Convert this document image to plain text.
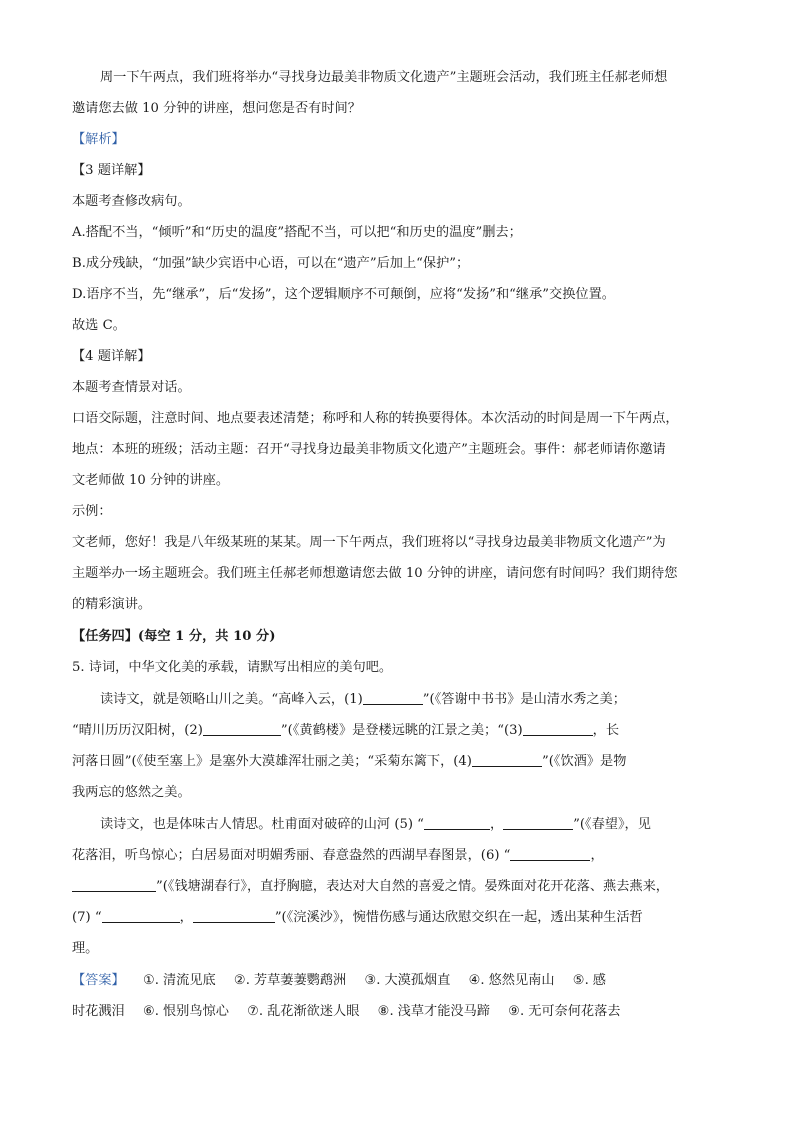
周一下午两点，我们班将举办“寻找身边最美非物质文化遗产”主题班会活动，我们班主任郝老师想
邀请您去做 10 分钟的讲座，想问您是否有时间？
【解析】
【3 题详解】
本题考查修改病句。
A.搭配不当，“倾听”和“历史的温度”搭配不当，可以把“和历史的温度”删去；
B.成分残缺，“加强”缺少宾语中心语，可以在“遗产”后加上“保护”；
D.语序不当，先“继承”，后“发扬”，这个逻辑顺序不可颠倒，应将“发扬”和“继承”交换位置。
故选 C。
【4 题详解】
本题考查情景对话。
口语交际题，注意时间、地点要表述清楚；称呼和人称的转换要得体。本次活动的时间是周一下午两点，
地点：本班的班级；活动主题：召开“寻找身边最美非物质文化遗产”主题班会。事件：郝老师请你邀请
文老师做 10 分钟的讲座。
示例：
文老师，您好！我是八年级某班的某某。周一下午两点，我们班将以“寻找身边最美非物质文化遗产”为
主题举办一场主题班会。我们班主任郝老师想邀请您去做 10 分钟的讲座，请问您有时间吗？我们期待您
的精彩演讲。
【任务四】(每空 1 分，共 10 分)
5. 诗词，中华文化美的承载，请默写出相应的美句吧。
读诗文，就是领略山川之美。“高峰入云，(1)	”(《答谢中书书》是山清水秀之美；
“晴川历历汉阳树，(2)	”(《黄鹤楼》是登楼远眺的江景之美；“(3)	，长
河落日圆”(《使至塞上》是塞外大漠雄浑壮丽之美；“采菊东篱下，(4)	”(《饮酒》是物
我两忘的悠然之美。
读诗文，也是体味古人情思。杜甫面对破碎的山河 (5) “	，	”(《春望》，见
花落泪，听鸟惊心；白居易面对明媚秀丽、春意盎然的西湖早春图景，(6) “	，
”(《钱塘湖春行》，直抒胸臆，表达对大自然的喜爱之情。晏殊面对花开花落、燕去燕来，
(7) “	，	”(《浣溪沙》，惋惜伤感与通达欣慰交织在一起，透出某种生活哲
理。
【答案】 ①. 清流见底 ②. 芳草萋萋鹦鹉洲 ③. 大漠孤烟直 ④. 悠然见南山 ⑤. 感
时花溅泪 ⑥. 恨别鸟惊心 ⑦. 乱花渐欲迷人眼 ⑧. 浅草才能没马蹄 ⑨. 无可奈何花落去
